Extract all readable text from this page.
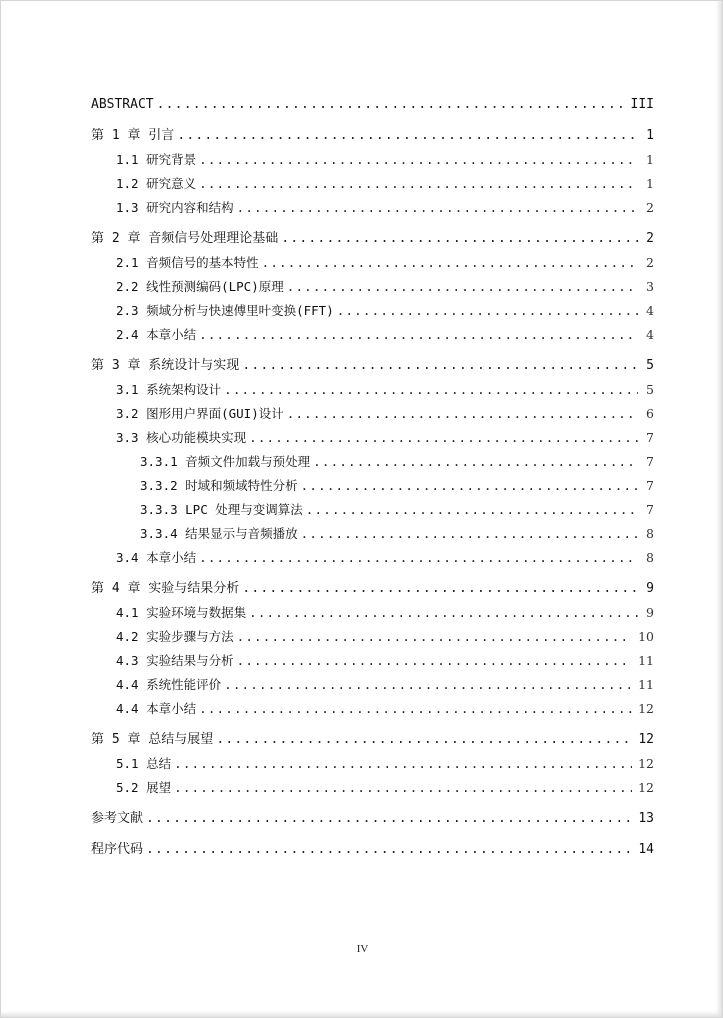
ABSTRACT .....	III
第 1 章 引言 .....	1
1.1 研究背景 .....	1
1.2 研究意义 .....	1
1.3 研究内容和结构 .....	2
第 2 章 音频信号处理理论基础 .....	2
2.1 音频信号的基本特性 .....	2
2.2 线性预测编码(LPC)原理 .....	3
2.3 频域分析与快速傅里叶变换(FFT) .....	4
2.4 本章小结 .....	4
第 3 章 系统设计与实现 .....	5
3.1 系统架构设计 .....	5
3.2 图形用户界面(GUI)设计 .....	6
3.3 核心功能模块实现 .....	7
3.3.1 音频文件加载与预处理 .....	7
3.3.2 时域和频域特性分析 .....	7
3.3.3 LPC 处理与变调算法 .....	7
3.3.4 结果显示与音频播放 .....	8
3.4 本章小结 .....	8
第 4 章 实验与结果分析 .....	9
4.1 实验环境与数据集 .....	9
4.2 实验步骤与方法 .....	10
4.3 实验结果与分析 .....	11
4.4 系统性能评价 .....	11
4.4 本章小结 .....	12
第 5 章 总结与展望 .....	12
5.1 总结 .....	12
5.2 展望 .....	12
参考文献 .....	13
程序代码 .....	14
IV
